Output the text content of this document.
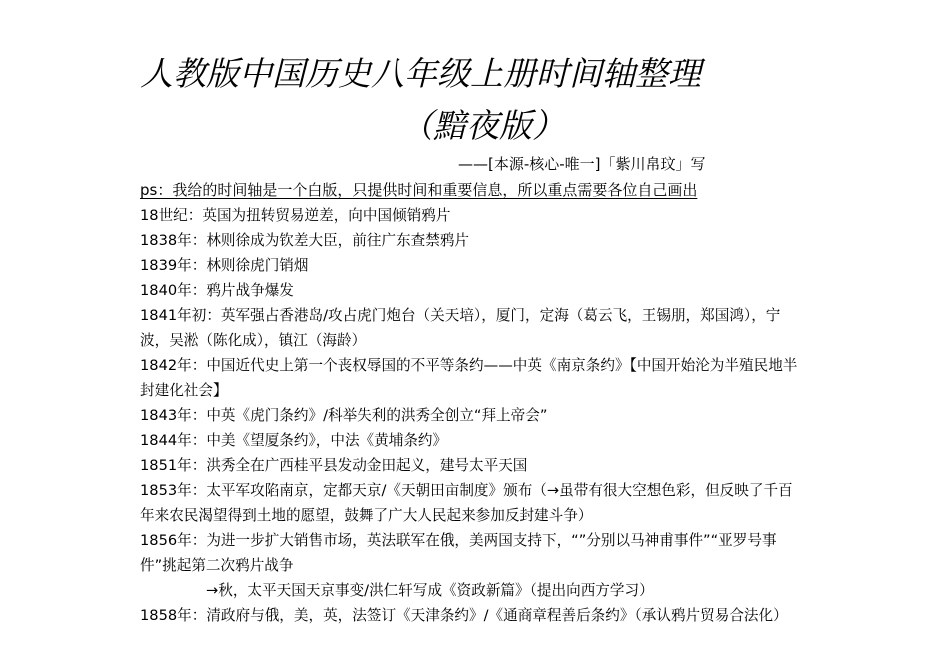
人教版中国历史八年级上册时间轴整理
（黯夜版）
——[本源-核心-唯一]「紫川帛玟」写
ps：我给的时间轴是一个白版，只提供时间和重要信息，所以重点需要各位自己画出
18世纪：英国为扭转贸易逆差，向中国倾销鸦片
1838年：林则徐成为钦差大臣，前往广东查禁鸦片
1839年：林则徐虎门销烟
1840年：鸦片战争爆发
1841年初：英军强占香港岛/攻占虎门炮台（关天培），厦门，定海（葛云飞，王锡朋，郑国鸿），宁波，吴淞（陈化成），镇江（海龄）
1842年：中国近代史上第一个丧权辱国的不平等条约——中英《南京条约》【中国开始沦为半殖民地半封建化社会】
1843年：中英《虎门条约》/科举失利的洪秀全创立“拜上帝会”
1844年：中美《望厦条约》，中法《黄埔条约》
1851年：洪秀全在广西桂平县发动金田起义，建号太平天国
1853年：太平军攻陷南京，定都天京/《天朝田亩制度》颁布（→虽带有很大空想色彩，但反映了千百年来农民渴望得到土地的愿望，鼓舞了广大人民起来参加反封建斗争）
1856年：为进一步扩大销售市场，英法联军在俄，美两国支持下，“”分别以马神甫事件”“亚罗号事件”挑起第二次鸦片战争
→秋，太平天国天京事变/洪仁轩写成《资政新篇》（提出向西方学习）
1858年：清政府与俄，美，英，法签订《天津条约》/《通商章程善后条约》（承认鸦片贸易合法化）
